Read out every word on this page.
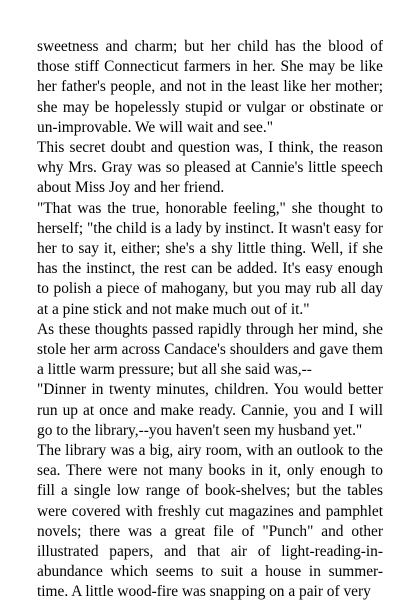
sweetness and charm; but her child has the blood of those stiff Connecticut farmers in her. She may be like her father's people, and not in the least like her mother; she may be hopelessly stupid or vulgar or obstinate or un-improvable. We will wait and see."

This secret doubt and question was, I think, the reason why Mrs. Gray was so pleased at Cannie's little speech about Miss Joy and her friend.

"That was the true, honorable feeling," she thought to herself; "the child is a lady by instinct. It wasn't easy for her to say it, either; she's a shy little thing. Well, if she has the instinct, the rest can be added. It's easy enough to polish a piece of mahogany, but you may rub all day at a pine stick and not make much out of it."

As these thoughts passed rapidly through her mind, she stole her arm across Candace's shoulders and gave them a little warm pressure; but all she said was,--

"Dinner in twenty minutes, children. You would better run up at once and make ready. Cannie, you and I will go to the library,--you haven't seen my husband yet."

The library was a big, airy room, with an outlook to the sea. There were not many books in it, only enough to fill a single low range of book-shelves; but the tables were covered with freshly cut magazines and pamphlet novels; there was a great file of "Punch" and other illustrated papers, and that air of light-reading-in-abundance which seems to suit a house in summer-time. A little wood-fire was snapping on a pair of very
